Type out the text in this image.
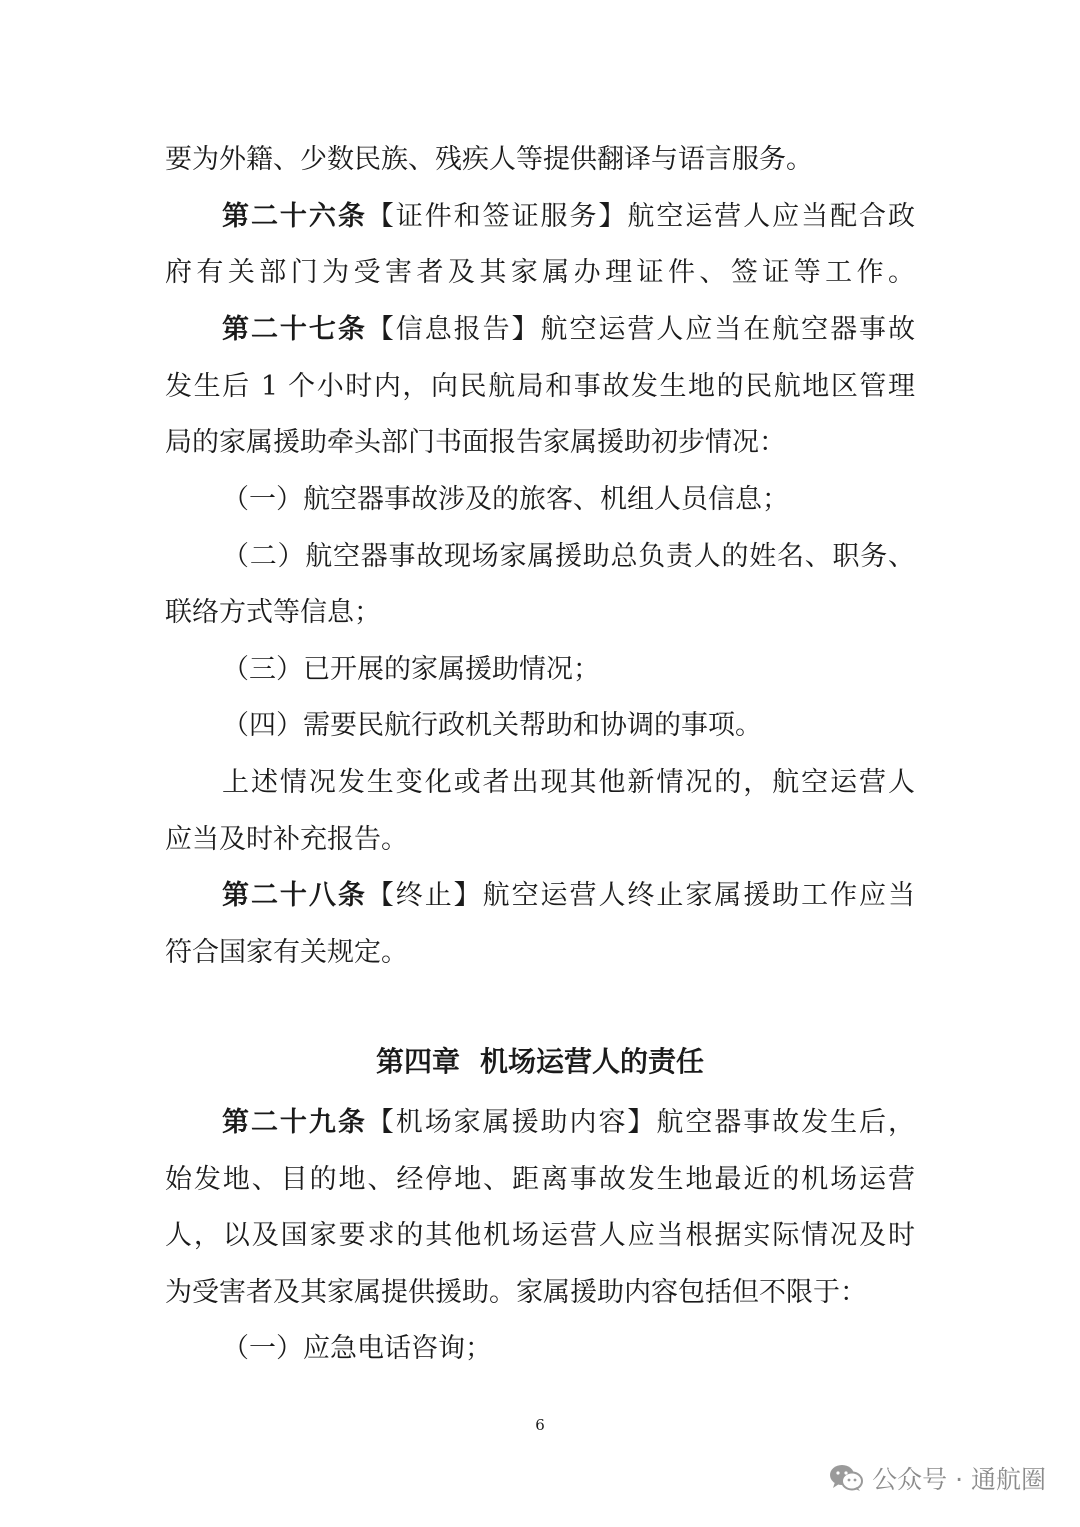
要为外籍、少数民族、残疾人等提供翻译与语言服务。
第二十六条【证件和签证服务】航空运营人应当配合政
府有关部门为受害者及其家属办理证件、签证等工作。
第二十七条【信息报告】航空运营人应当在航空器事故
发生后 1 个小时内，向民航局和事故发生地的民航地区管理
局的家属援助牵头部门书面报告家属援助初步情况：
（一）航空器事故涉及的旅客、机组人员信息；
（二）航空器事故现场家属援助总负责人的姓名、职务、
联络方式等信息；
（三）已开展的家属援助情况；
（四）需要民航行政机关帮助和协调的事项。
上述情况发生变化或者出现其他新情况的，航空运营人
应当及时补充报告。
第二十八条【终止】航空运营人终止家属援助工作应当
符合国家有关规定。
第四章 机场运营人的责任
第二十九条【机场家属援助内容】航空器事故发生后，
始发地、目的地、经停地、距离事故发生地最近的机场运营
人，以及国家要求的其他机场运营人应当根据实际情况及时
为受害者及其家属提供援助。家属援助内容包括但不限于：
（一）应急电话咨询；
6
公众号 · 通航圈
